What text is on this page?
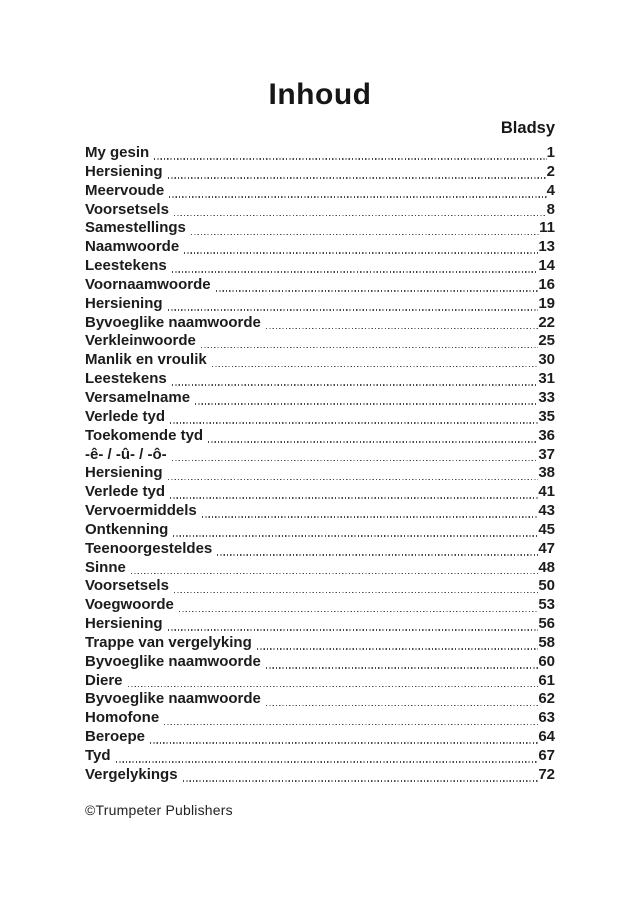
Inhoud
Bladsy
My gesin	1
Hersiening	2
Meervoude	4
Voorsetsels	8
Samestellings	11
Naamwoorde	13
Leestekens	14
Voornaamwoorde	16
Hersiening	19
Byvoeglike naamwoorde	22
Verkleinwoorde	25
Manlik en vroulik	30
Leestekens	31
Versamelname	33
Verlede tyd	35
Toekomende tyd	36
-ê- / -û- / -ô-	37
Hersiening	38
Verlede tyd	41
Vervoermiddels	43
Ontkenning	45
Teenoorgesteldes	47
Sinne	48
Voorsetsels	50
Voegwoorde	53
Hersiening	56
Trappe van vergelyking	58
Byvoeglike naamwoorde	60
Diere	61
Byvoeglike naamwoorde	62
Homofone	63
Beroepe	64
Tyd	67
Vergelykings	72
©Trumpeter Publishers
